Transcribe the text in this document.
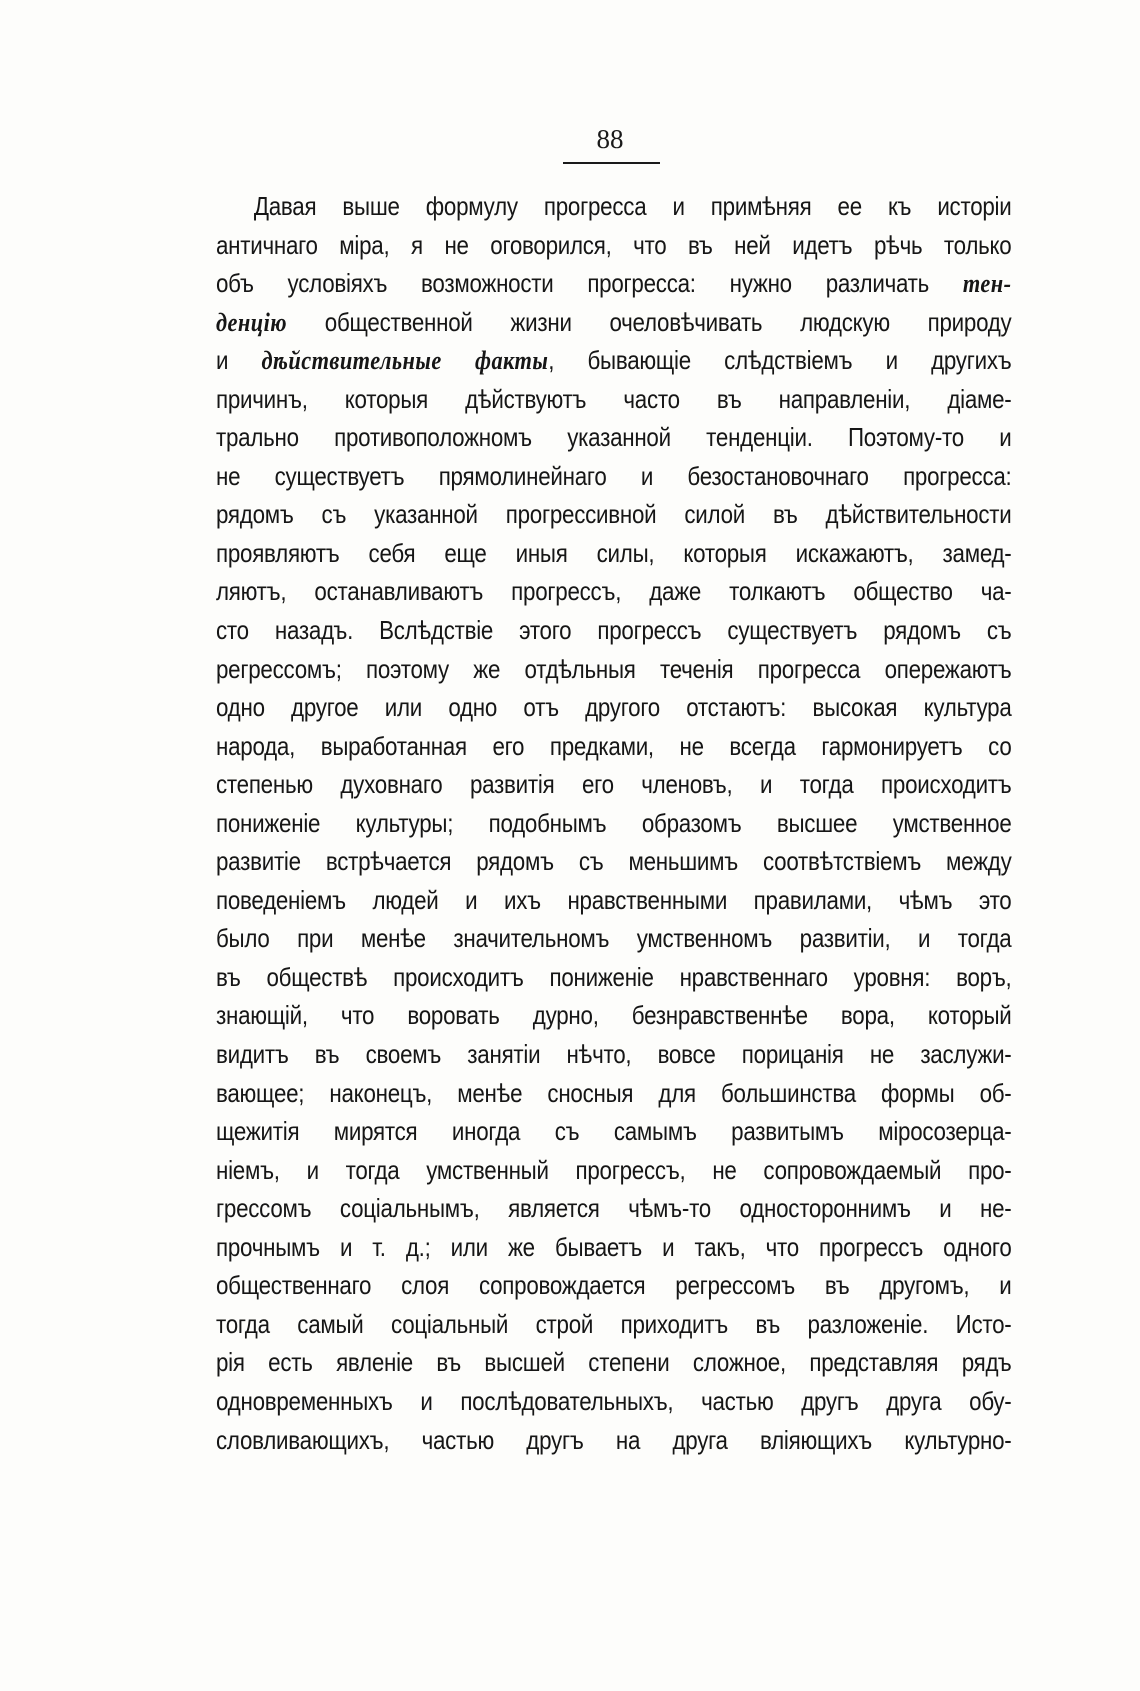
88

Давая выше формулу прогресса и примѣняя ее къ исторіи
античнаго міра, я не оговорился, что въ ней идетъ рѣчь только
объ условіяхъ возможности прогресса: нужно различать тен-
денцію общественной жизни очеловѣчивать людскую природу
и дѣйствительные факты, бывающіе слѣдствіемъ и другихъ
причинъ, которыя дѣйствуютъ часто въ направленіи, діаме-
трально противоположномъ указанной тенденціи. Поэтому-то и
не существуетъ прямолинейнаго и безостановочнаго прогресса:
рядомъ съ указанной прогрессивной силой въ дѣйствительности
проявляютъ себя еще иныя силы, которыя искажаютъ, замед-
ляютъ, останавливаютъ прогрессъ, даже толкаютъ общество ча-
сто назадъ. Вслѣдствіе этого прогрессъ существуетъ рядомъ съ
регрессомъ; поэтому же отдѣльныя теченія прогресса опережаютъ
одно другое или одно отъ другого отстаютъ: высокая культура
народа, выработанная его предками, не всегда гармонируетъ со
степенью духовнаго развитія его членовъ, и тогда происходитъ
пониженіе культуры; подобнымъ образомъ высшее умственное
развитіе встрѣчается рядомъ съ меньшимъ соотвѣтствіемъ между
поведеніемъ людей и ихъ нравственными правилами, чѣмъ это
было при менѣе значительномъ умственномъ развитіи, и тогда
въ обществѣ происходитъ пониженіе нравственнаго уровня: воръ,
знающій, что воровать дурно, безнравственнѣе вора, который
видитъ въ своемъ занятіи нѣчто, вовсе порицанія не заслужи-
вающее; наконецъ, менѣе сносныя для большинства формы об-
щежитія мирятся иногда съ самымъ развитымъ міросозерца-
ніемъ, и тогда умственный прогрессъ, не сопровождаемый про-
грессомъ соціальнымъ, является чѣмъ-то одностороннимъ и не-
прочнымъ и т. д.; или же бываетъ и такъ, что прогрессъ одного
общественнаго слоя сопровождается регрессомъ въ другомъ, и
тогда самый соціальный строй приходитъ въ разложеніе. Исто-
рія есть явленіе въ высшей степени сложное, представляя рядъ
одновременныхъ и послѣдовательныхъ, частью другъ друга обу-
словливающихъ, частью другъ на друга вліяющихъ культурно-
